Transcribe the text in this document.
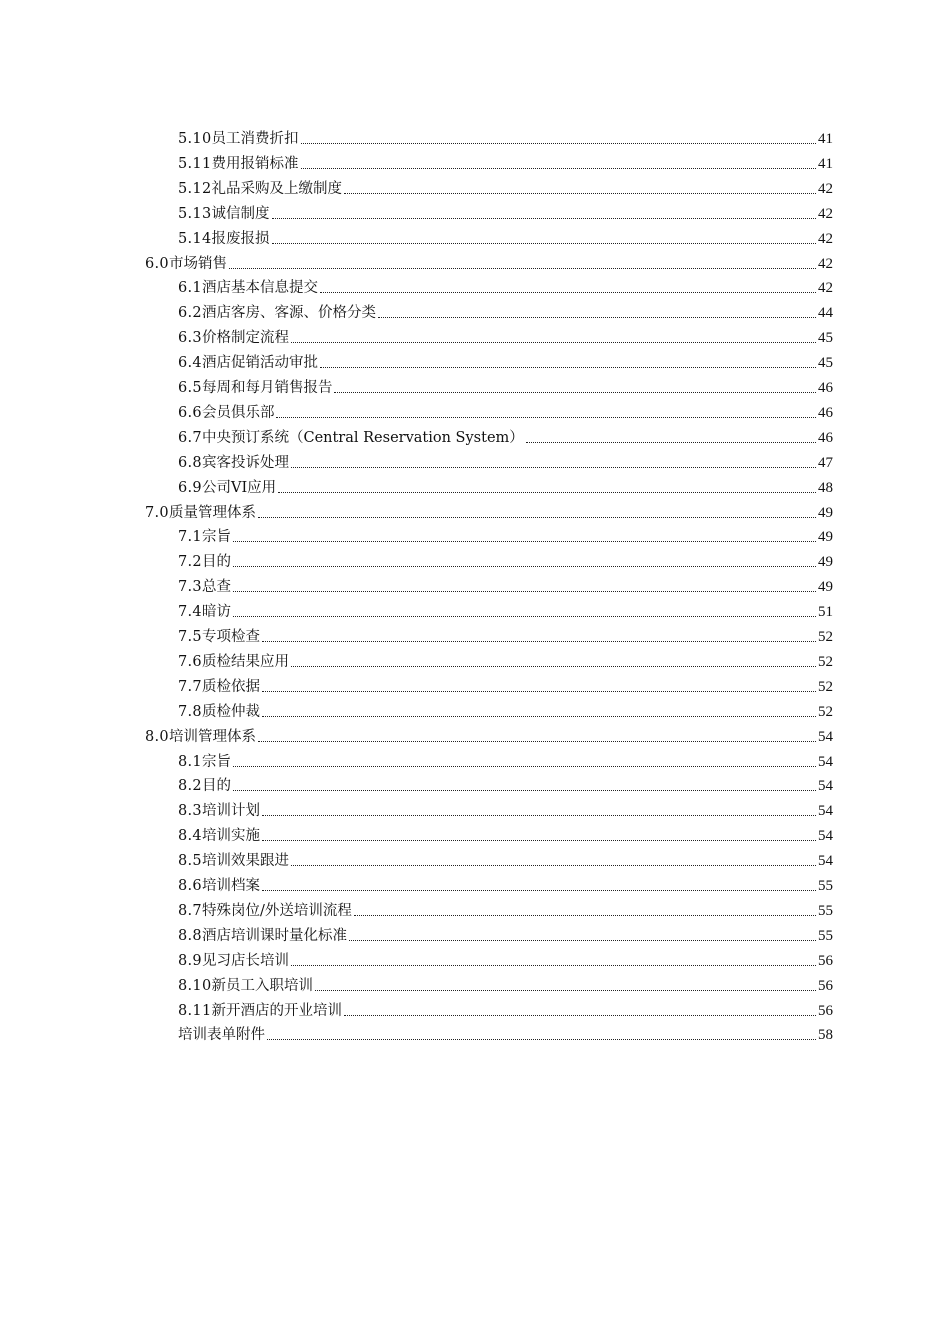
5.10 员工消费折扣	41
5.11 费用报销标准	41
5.12 礼品采购及上缴制度	42
5.13 诚信制度	42
5.14 报废报损	42
6.0 市场销售	42
6.1 酒店基本信息提交	42
6.2 酒店客房、客源、价格分类	44
6.3 价格制定流程	45
6.4 酒店促销活动审批	45
6.5 每周和每月销售报告	46
6.6 会员俱乐部	46
6.7 中央预订系统（Central Reservation System）	46
6.8 宾客投诉处理	47
6.9 公司VI应用	48
7.0 质量管理体系	49
7.1 宗旨	49
7.2 目的	49
7.3 总查	49
7.4 暗访	51
7.5 专项检查	52
7.6 质检结果应用	52
7.7 质检依据	52
7.8 质检仲裁	52
8.0 培训管理体系	54
8.1 宗旨	54
8.2 目的	54
8.3 培训计划	54
8.4 培训实施	54
8.5 培训效果跟进	54
8.6 培训档案	55
8.7 特殊岗位/外送培训流程	55
8.8 酒店培训课时量化标准	55
8.9 见习店长培训	56
8.10 新员工入职培训	56
8.11 新开酒店的开业培训	56
培训表单附件	58
